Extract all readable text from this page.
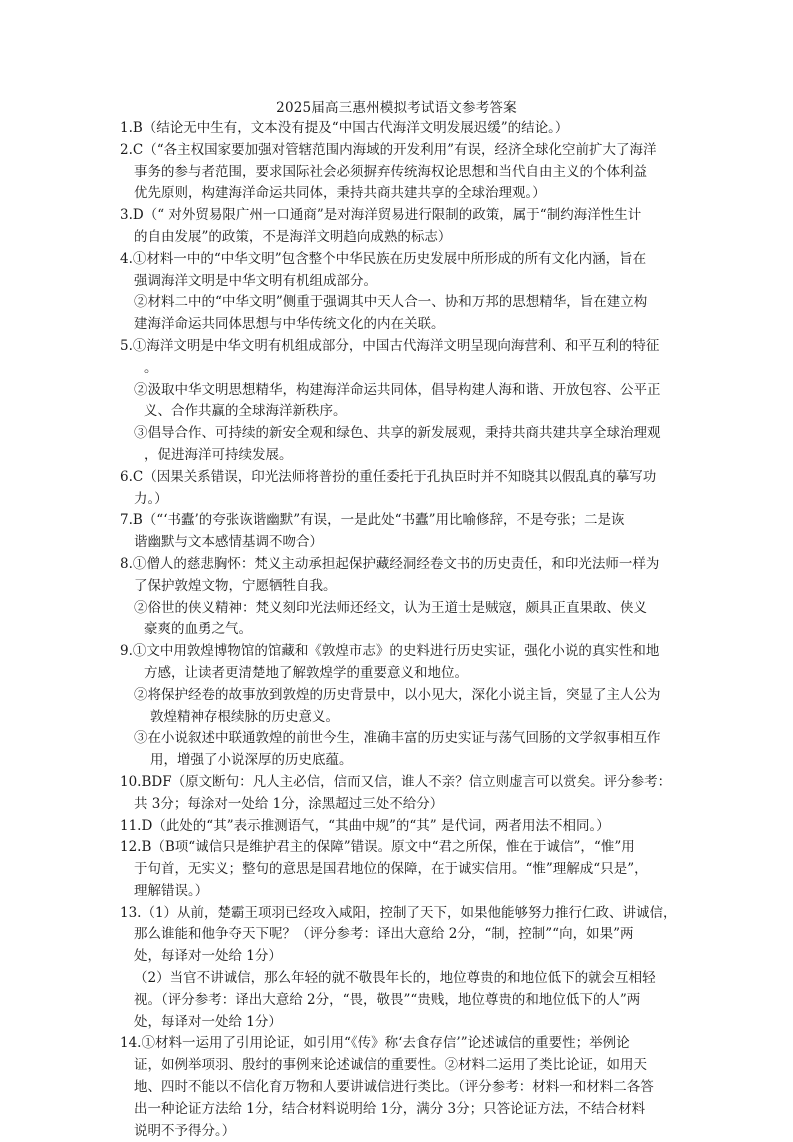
2025届高三惠州模拟考试语文参考答案
1.B（结论无中生有，文本没有提及“中国古代海洋文明发展迟缓”的结论。）
2.C（“各主权国家要加强对管辖范围内海域的开发利用”有误，经济全球化空前扩大了海洋
事务的参与者范围，要求国际社会必须摒弃传统海权论思想和当代自由主义的个体利益
优先原则，构建海洋命运共同体，秉持共商共建共享的全球治理观。）
3.D（“ 对外贸易限广州一口通商”是对海洋贸易进行限制的政策，属于“制约海洋性生计
的自由发展”的政策，不是海洋文明趋向成熟的标志）
4.①材料一中的“中华文明”包含整个中华民族在历史发展中所形成的所有文化内涵，旨在
强调海洋文明是中华文明有机组成部分。
②材料二中的“中华文明”侧重于强调其中天人合一、协和万邦的思想精华，旨在建立构
建海洋命运共同体思想与中华传统文化的内在关联。
5.①海洋文明是中华文明有机组成部分，中国古代海洋文明呈现向海营利、和平互利的特征
。
②汲取中华文明思想精华，构建海洋命运共同体，倡导构建人海和谐、开放包容、公平正
义、合作共赢的全球海洋新秩序。
③倡导合作、可持续的新安全观和绿色、共享的新发展观，秉持共商共建共享全球治理观
，促进海洋可持续发展。
6.C（因果关系错误，印光法师将普扮的重任委托于孔执臣时并不知晓其以假乱真的摹写功
力。）
7.B（“‘书蠹’的夸张诙谐幽默”有误，一是此处“书蠹”用比喻修辞，不是夸张；二是诙
谐幽默与文本感情基调不吻合）
8.①僧人的慈悲胸怀：梵义主动承担起保护藏经洞经卷文书的历史责任，和印光法师一样为
了保护敦煌文物，宁愿牺牲自我。
②俗世的侠义精神：梵义刻印光法师还经文，认为王道士是贼寇，颇具正直果敢、侠义
豪爽的血勇之气。
9.①文中用敦煌博物馆的馆藏和《敦煌市志》的史料进行历史实证，强化小说的真实性和地
方感，让读者更清楚地了解敦煌学的重要意义和地位。
②将保护经卷的故事放到敦煌的历史背景中，以小见大，深化小说主旨，突显了主人公为
敦煌精神存根续脉的历史意义。
③在小说叙述中联通敦煌的前世今生，准确丰富的历史实证与荡气回肠的文学叙事相互作
用，增强了小说深厚的历史底蕴。
10.BDF（原文断句：凡人主必信，信而又信，谁人不亲？信立则虚言可以赏矣。评分参考：
共 3分；每涂对一处给 1分，涂黑超过三处不给分）
11.D（此处的“其”表示推测语气，“其曲中规”的“其” 是代词，两者用法不相同。）
12.B（B项“诚信只是维护君主的保障”错误。原文中“君之所保，惟在于诚信”，“惟”用
于句首，无实义；整句的意思是国君地位的保障，在于诚实信用。“惟”理解成“只是”，
理解错误。）
13.（1）从前，楚霸王项羽已经攻入咸阳，控制了天下，如果他能够努力推行仁政、讲诚信，
那么谁能和他争夺天下呢？（评分参考：译出大意给 2分，“制，控制”“向，如果”两
处，每译对一处给 1分）
（2）当官不讲诚信，那么年轻的就不敬畏年长的，地位尊贵的和地位低下的就会互相轻
视。（评分参考：译出大意给 2分，“畏，敬畏”“贵贱，地位尊贵的和地位低下的人”两
处，每译对一处给 1分）
14.①材料一运用了引用论证，如引用“《传》称‘去食存信’”论述诚信的重要性；举例论
证，如例举项羽、殷纣的事例来论述诚信的重要性。②材料二运用了类比论证，如用天
地、四时不能以不信化育万物和人要讲诚信进行类比。（评分参考：材料一和材料二各答
出一种论证方法给 1分，结合材料说明给 1分，满分 3分；只答论证方法，不结合材料
说明不予得分。）
